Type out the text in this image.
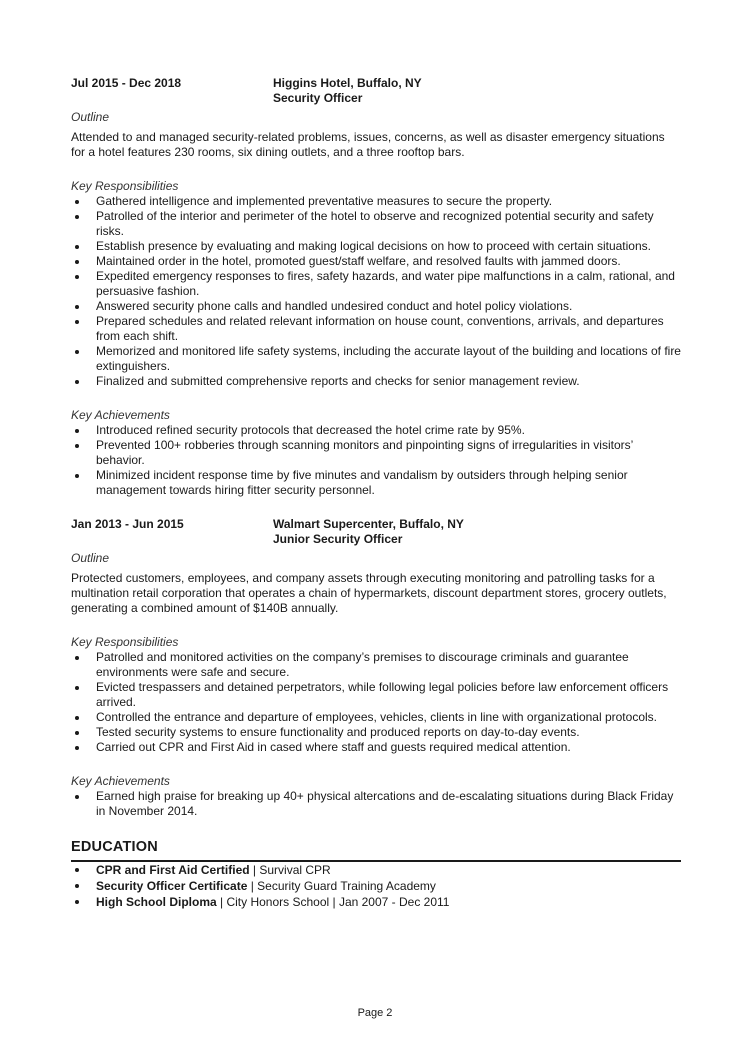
Jul 2015 - Dec 2018	Higgins Hotel, Buffalo, NY
Security Officer
Outline
Attended to and managed security-related problems, issues, concerns, as well as disaster emergency situations for a hotel features 230 rooms, six dining outlets, and a three rooftop bars.
Key Responsibilities
Gathered intelligence and implemented preventative measures to secure the property.
Patrolled of the interior and perimeter of the hotel to observe and recognized potential security and safety risks.
Establish presence by evaluating and making logical decisions on how to proceed with certain situations.
Maintained order in the hotel, promoted guest/staff welfare, and resolved faults with jammed doors.
Expedited emergency responses to fires, safety hazards, and water pipe malfunctions in a calm, rational, and persuasive fashion.
Answered security phone calls and handled undesired conduct and hotel policy violations.
Prepared schedules and related relevant information on house count, conventions, arrivals, and departures from each shift.
Memorized and monitored life safety systems, including the accurate layout of the building and locations of fire extinguishers.
Finalized and submitted comprehensive reports and checks for senior management review.
Key Achievements
Introduced refined security protocols that decreased the hotel crime rate by 95%.
Prevented 100+ robberies through scanning monitors and pinpointing signs of irregularities in visitors’ behavior.
Minimized incident response time by five minutes and vandalism by outsiders through helping senior management towards hiring fitter security personnel.
Jan 2013 - Jun 2015	Walmart Supercenter, Buffalo, NY
Junior Security Officer
Outline
Protected customers, employees, and company assets through executing monitoring and patrolling tasks for a multination retail corporation that operates a chain of hypermarkets, discount department stores, grocery outlets, generating a combined amount of $140B annually.
Key Responsibilities
Patrolled and monitored activities on the company’s premises to discourage criminals and guarantee environments were safe and secure.
Evicted trespassers and detained perpetrators, while following legal policies before law enforcement officers arrived.
Controlled the entrance and departure of employees, vehicles, clients in line with organizational protocols.
Tested security systems to ensure functionality and produced reports on day-to-day events.
Carried out CPR and First Aid in cased where staff and guests required medical attention.
Key Achievements
Earned high praise for breaking up 40+ physical altercations and de-escalating situations during Black Friday in November 2014.
EDUCATION
CPR and First Aid Certified | Survival CPR
Security Officer Certificate | Security Guard Training Academy
High School Diploma | City Honors School | Jan 2007 - Dec 2011
Page 2
